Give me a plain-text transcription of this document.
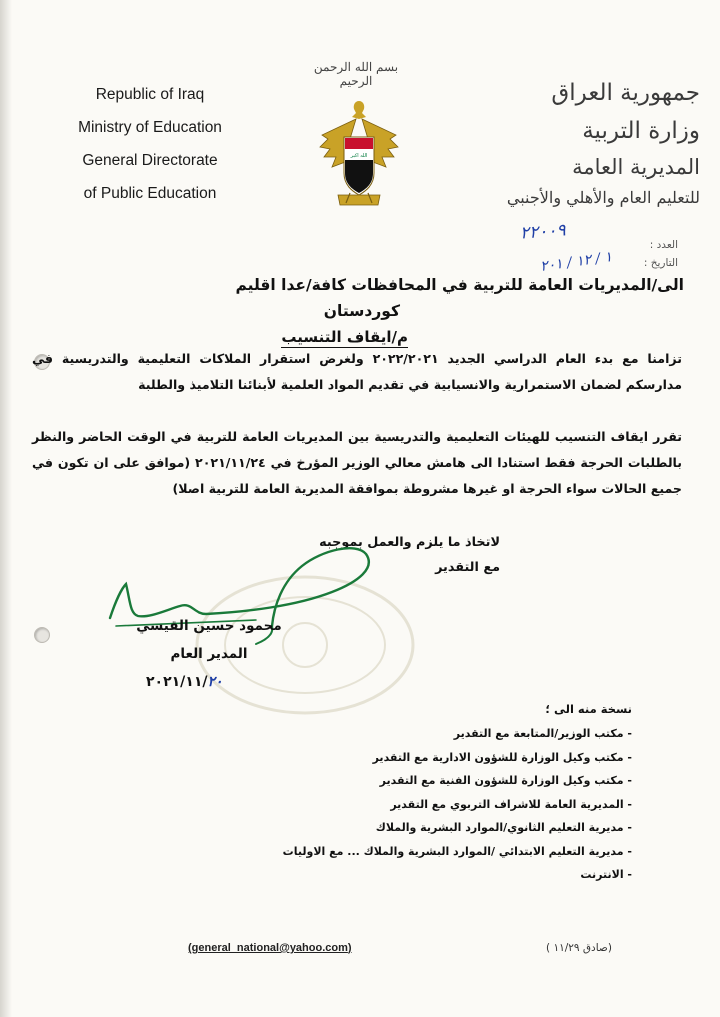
Republic of Iraq
Ministry of Education
General Directorate
of Public Education
بسم الله الرحمن الرحيم
الله اكبر
جمهورية العراق
وزارة التربية
المديرية العامة
للتعليم العام والأهلي والأجنبي
العدد :
التاريخ :
٢٢٠٠٩
١ / ١٢ / ٢٠١
الى/المديريات العامة للتربية في المحافظات كافة/عدا اقليم
كوردستان
م/ايقاف التنسيب
تزامنا مع بدء العام الدراسي الجديد ٢٠٢٢/٢٠٢١ ولغرض استقرار الملاكات التعليمية والتدريسية في مدارسكم لضمان الاستمرارية والانسيابية في تقديم المواد العلمية لأبنائنا التلاميذ والطلبة
تقرر ايقاف التنسيب للهيئات التعليمية والتدريسية بين المديريات العامة للتربية في الوقت الحاضر والنظر بالطلبات الحرجة فقط استنادا الى هامش معالي الوزير المؤرخ في ٢٠٢١/١١/٢٤ (موافق على ان تكون في جميع الحالات سواء الحرجة او غيرها مشروطة بموافقة المديرية العامة للتربية اصلا)
لاتخاذ ما يلزم والعمل بموجبه
مع التقدير
محمود حسين القيسي
المدير العام
٢٠٢١/١١/٢٠
نسخة منه الى ؛
- مكتب الوزير/المتابعة مع التقدير
- مكتب وكيل الوزارة للشؤون الادارية مع التقدير
- مكتب وكيل الوزارة للشؤون الفنية مع التقدير
- المديرية العامة للاشراف التربوي مع التقدير
- مديرية التعليم الثانوي/الموارد البشرية والملاك
- مديرية التعليم الابتدائي /الموارد البشرية والملاك ... مع الاوليات
- الانترنت
(general_national@yahoo.com)	(صادق ١١/٢٩ )
